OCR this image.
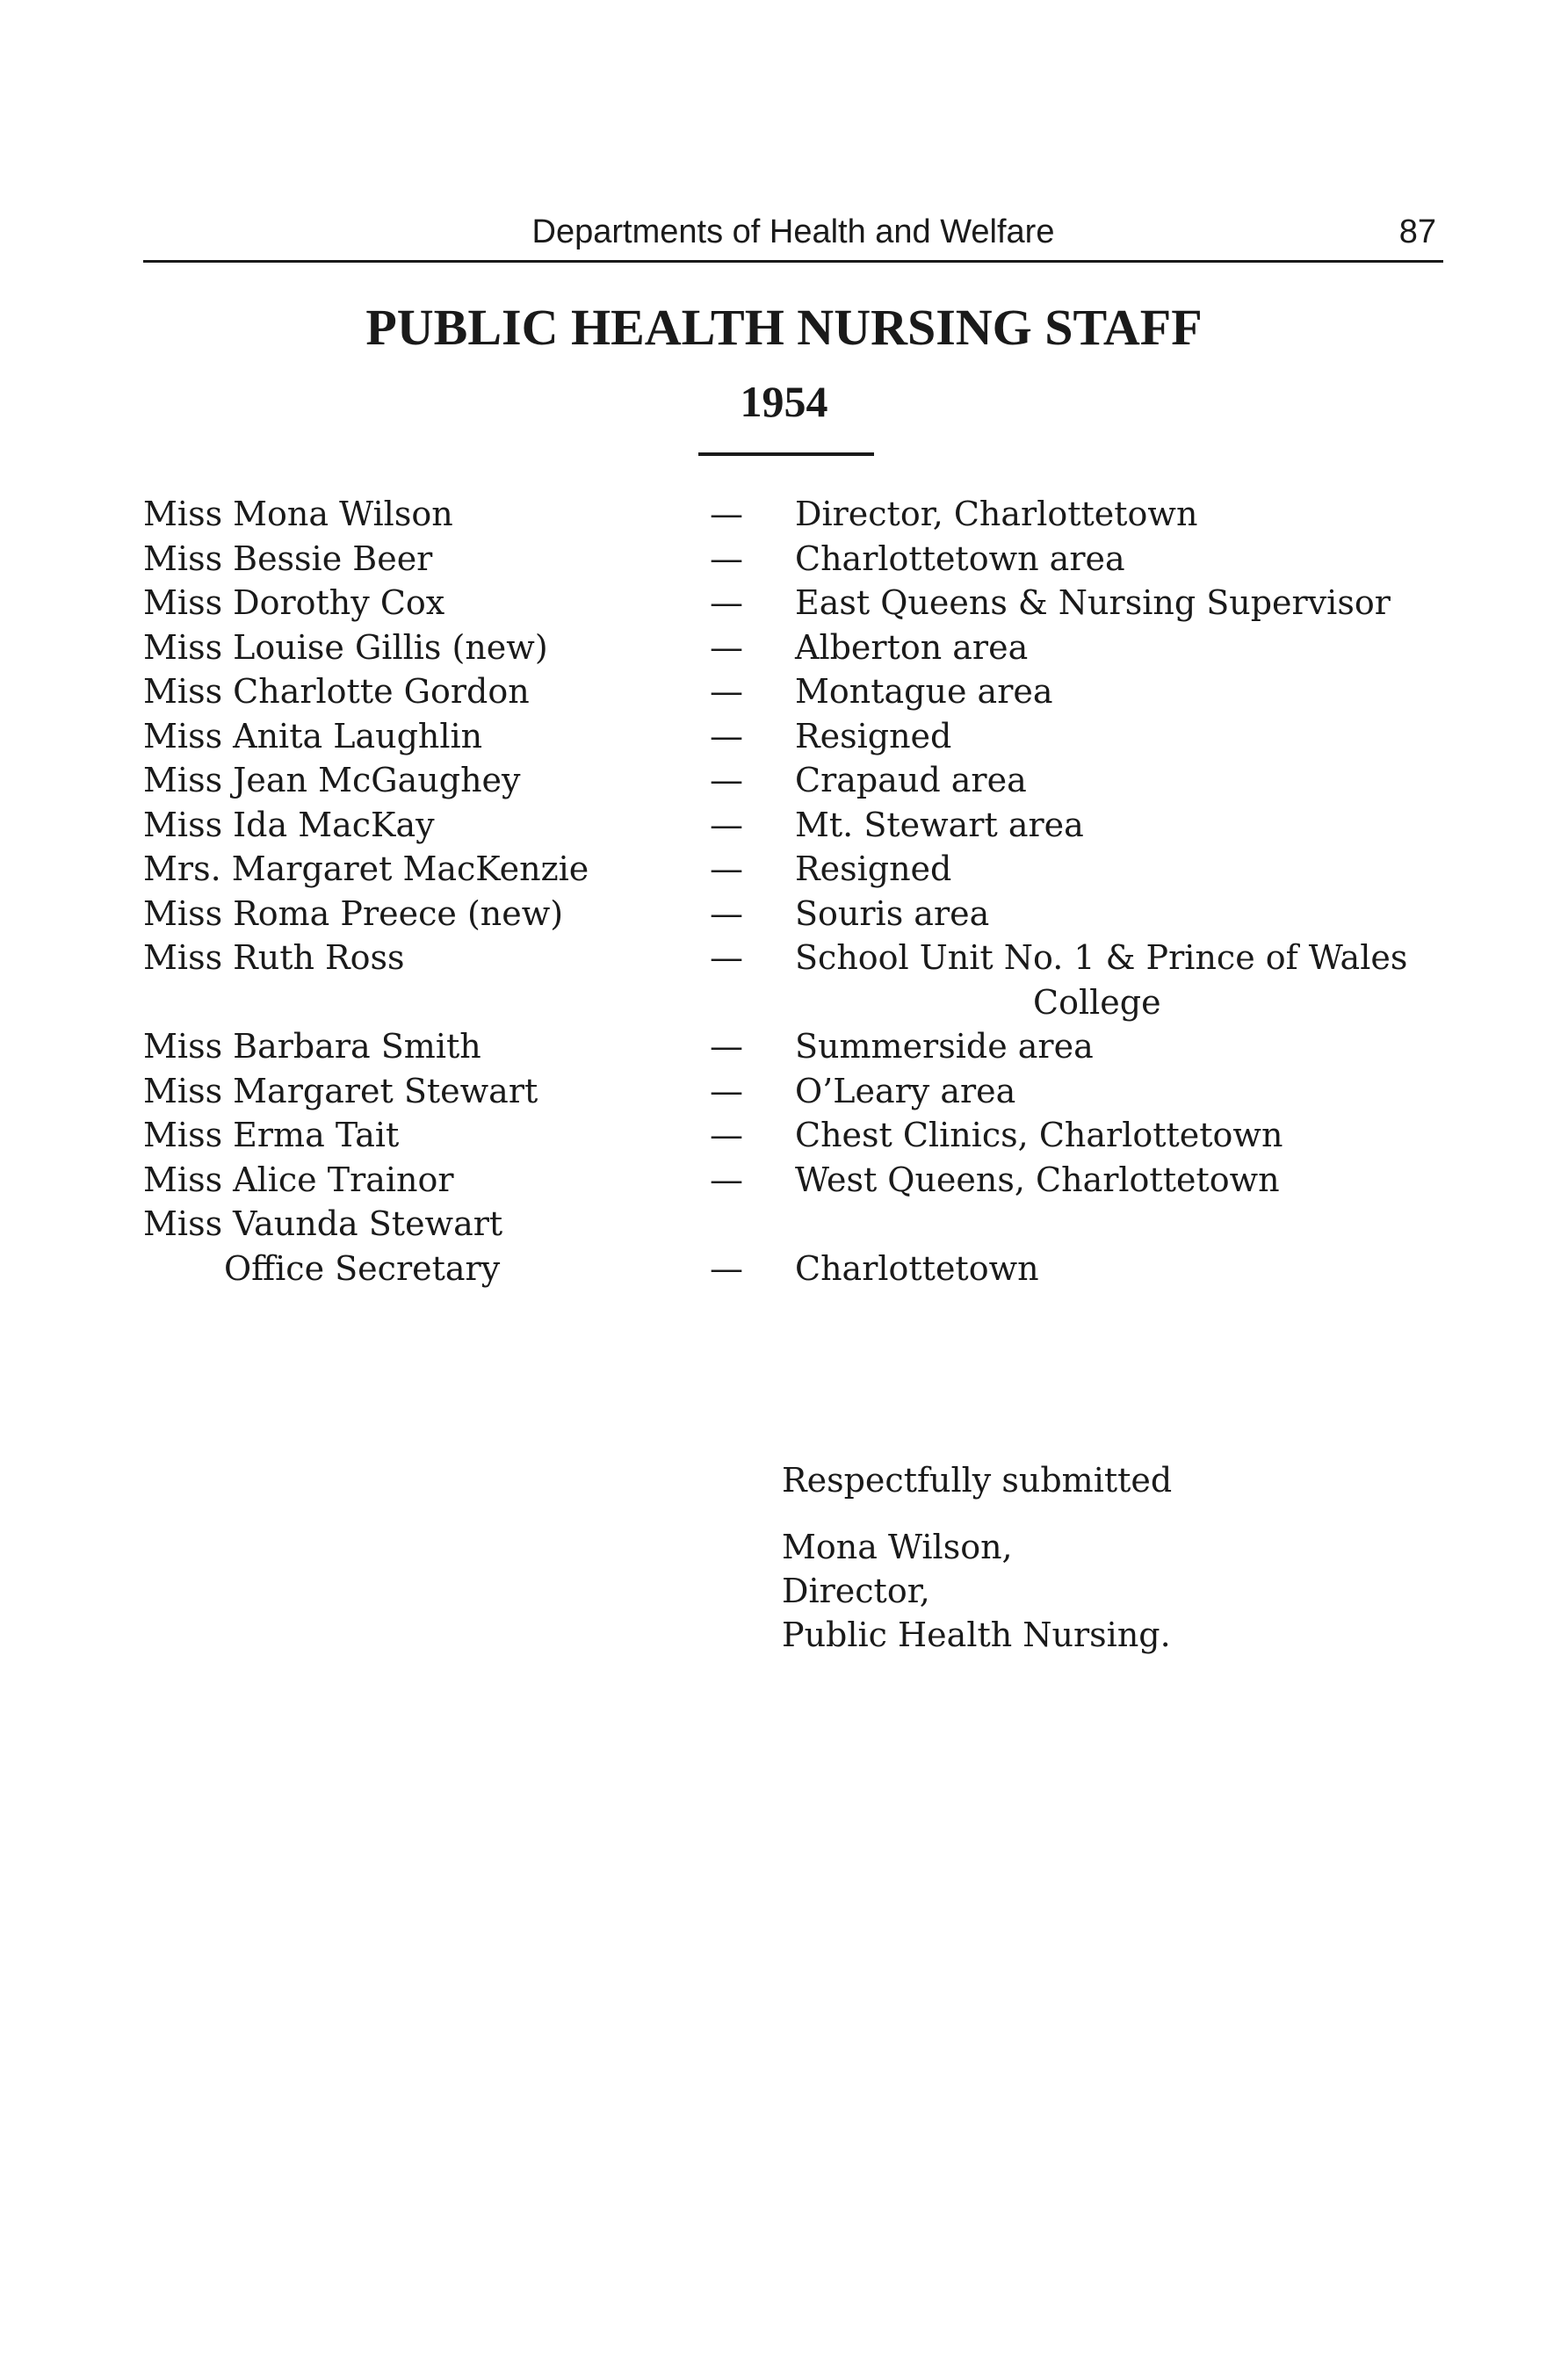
Departments of Health and Welfare	87
PUBLIC HEALTH NURSING STAFF
1954
Miss Mona Wilson	— Director, Charlottetown
Miss Bessie Beer	— Charlottetown area
Miss Dorothy Cox	— East Queens & Nursing Supervisor
Miss Louise Gillis (new)	— Alberton area
Miss Charlotte Gordon	— Montague area
Miss Anita Laughlin	— Resigned
Miss Jean McGaughey	— Crapaud area
Miss Ida MacKay	— Mt. Stewart area
Mrs. Margaret MacKenzie	— Resigned
Miss Roma Preece (new)	— Souris area
Miss Ruth Ross	— School Unit No. 1 & Prince of Wales
College
Miss Barbara Smith	— Summerside area
Miss Margaret Stewart	— O’Leary area
Miss Erma Tait	— Chest Clinics, Charlottetown
Miss Alice Trainor	— West Queens, Charlottetown
Miss Vaunda Stewart
Office Secretary	— Charlottetown
Respectfully submitted
Mona Wilson,
Director,
Public Health Nursing.
